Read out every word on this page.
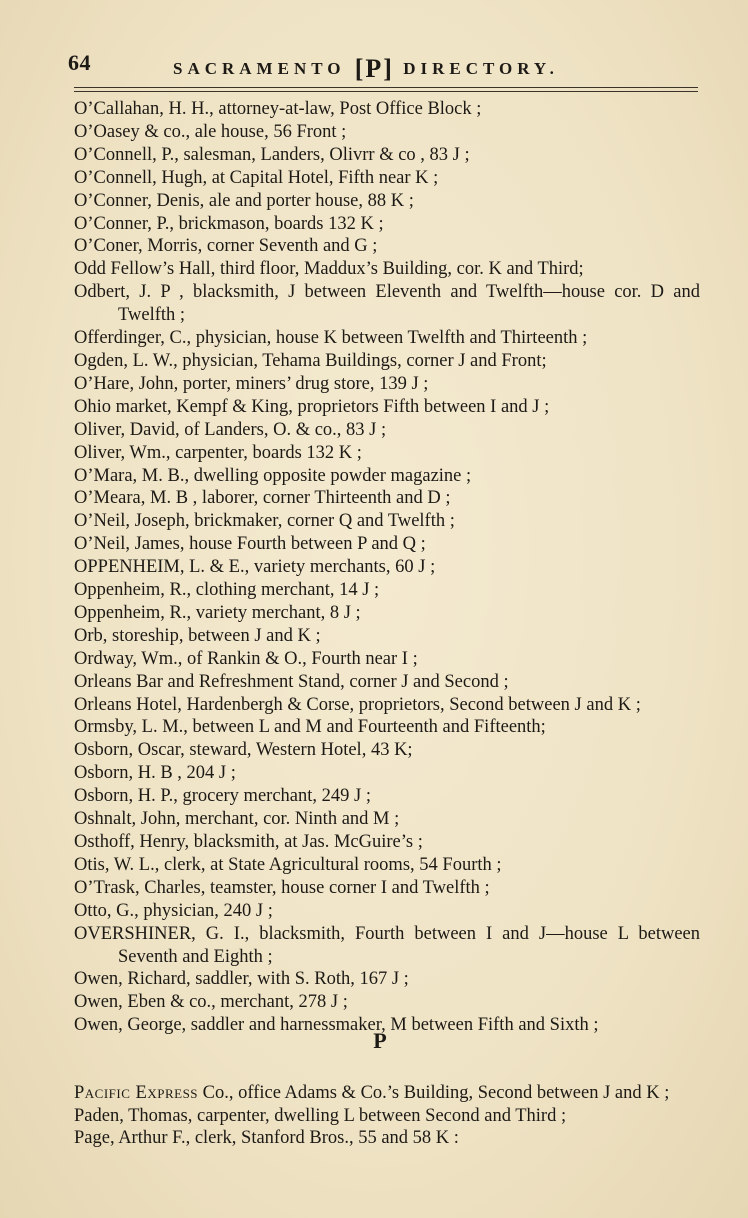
64	SACRAMENTO [P] DIRECTORY.
O’Callahan, H. H., attorney-at-law, Post Office Block ;
O’Oasey & co., ale house, 56 Front ;
O’Connell, P., salesman, Landers, Olivrr & co , 83 J ;
O’Connell, Hugh, at Capital Hotel, Fifth near K ;
O’Conner, Denis, ale and porter house, 88 K ;
O’Conner, P., brickmason, boards 132 K ;
O’Coner, Morris, corner Seventh and G ;
Odd Fellow’s Hall, third floor, Maddux’s Building, cor. K and Third;
Odbert, J. P , blacksmith, J between Eleventh and Twelfth—house cor. D and Twelfth ;
Offerdinger, C., physician, house K between Twelfth and Thirteenth ;
Ogden, L. W., physician, Tehama Buildings, corner J and Front;
O’Hare, John, porter, miners’ drug store, 139 J ;
Ohio market, Kempf & King, proprietors Fifth between I and J ;
Oliver, David, of Landers, O. & co., 83 J ;
Oliver, Wm., carpenter, boards 132 K ;
O’Mara, M. B., dwelling opposite powder magazine ;
O’Meara, M. B , laborer, corner Thirteenth and D ;
O’Neil, Joseph, brickmaker, corner Q and Twelfth ;
O’Neil, James, house Fourth between P and Q ;
OPPENHEIM, L. & E., variety merchants, 60 J ;
Oppenheim, R., clothing merchant, 14 J ;
Oppenheim, R., variety merchant, 8 J ;
Orb, storeship, between J and K ;
Ordway, Wm., of Rankin & O., Fourth near I ;
Orleans Bar and Refreshment Stand, corner J and Second ;
Orleans Hotel, Hardenbergh & Corse, proprietors, Second between J and K ;
Ormsby, L. M., between L and M and Fourteenth and Fifteenth;
Osborn, Oscar, steward, Western Hotel, 43 K;
Osborn, H. B , 204 J ;
Osborn, H. P., grocery merchant, 249 J ;
Oshnalt, John, merchant, cor. Ninth and M ;
Osthoff, Henry, blacksmith, at Jas. McGuire’s ;
Otis, W. L., clerk, at State Agricultural rooms, 54 Fourth ;
O’Trask, Charles, teamster, house corner I and Twelfth ;
Otto, G., physician, 240 J ;
OVERSHINER, G. I., blacksmith, Fourth between I and J—house L between Seventh and Eighth ;
Owen, Richard, saddler, with S. Roth, 167 J ;
Owen, Eben & co., merchant, 278 J ;
Owen, George, saddler and harnessmaker, M between Fifth and Sixth ;
P
Pacific Express Co., office Adams & Co.’s Building, Second between J and K ;
Paden, Thomas, carpenter, dwelling L between Second and Third ;
Page, Arthur F., clerk, Stanford Bros., 55 and 58 K :
